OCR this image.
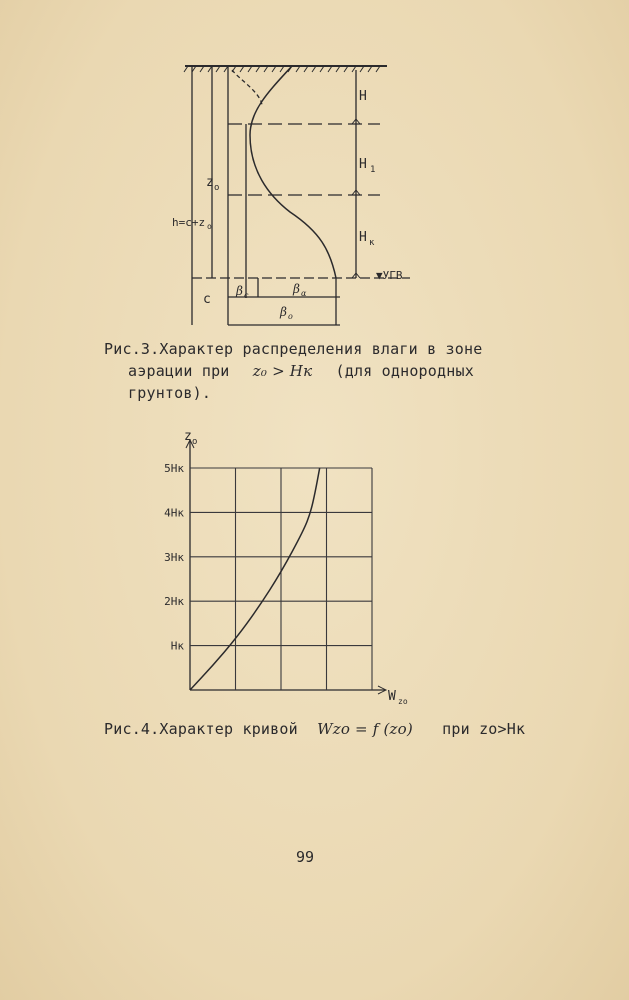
H
H 1
H к
z o
h=c+z o
c
▼УГВ
β c	β α
β o
Рис.3.Характер распределения влаги в зоне
аэрации при z₀ > Hк (для однородных
грунтов).
Hк
2Hк
3Hк
4Hк
5Hк
z o
W zo
Рис.4.Характер кривой Wzo = f (zo) при zo>Hк
99
